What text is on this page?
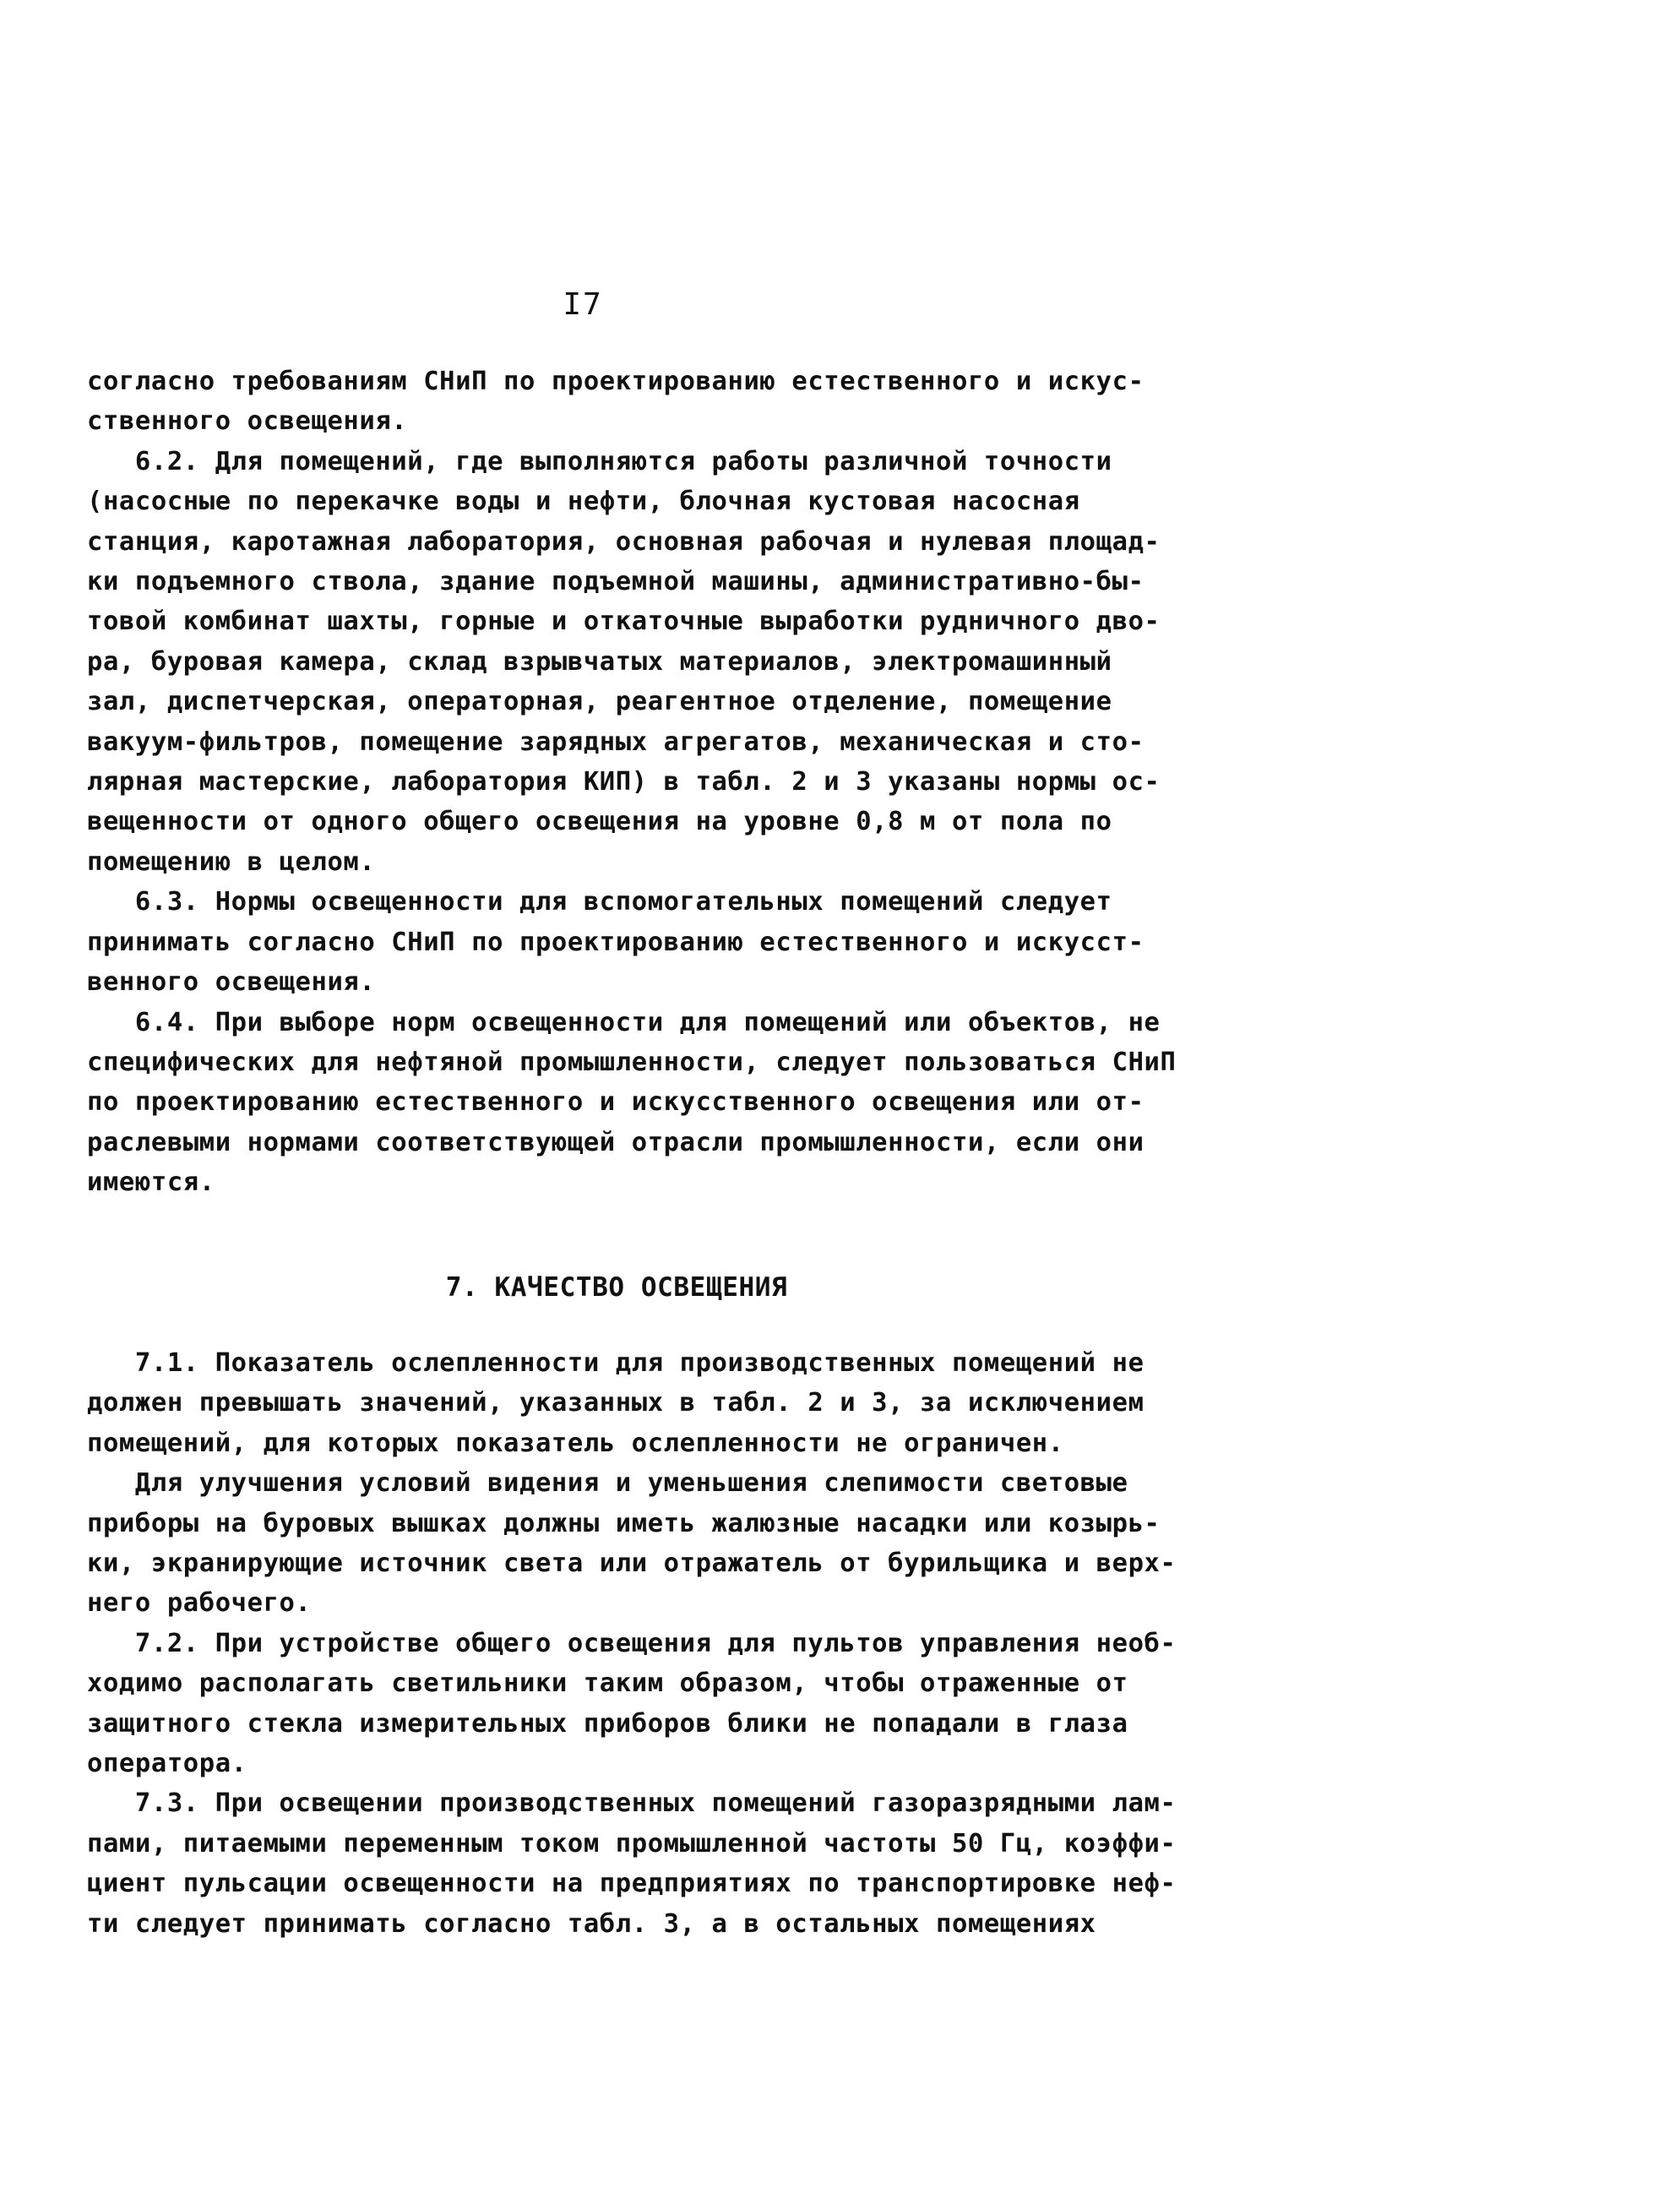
I7
согласно требованиям СНиП по проектированию естественного и искус-
ственного освещения.
6.2. Для помещений, где выполняются работы различной точности
(насосные по перекачке воды и нефти, блочная кустовая насосная
станция, каротажная лаборатория, основная рабочая и нулевая площад-
ки подъемного ствола, здание подъемной машины, административно-бы-
товой комбинат шахты, горные и откаточные выработки рудничного дво-
ра, буровая камера, склад взрывчатых материалов, электромашинный
зал, диспетчерская, операторная, реагентное отделение, помещение
вакуум-фильтров, помещение зарядных агрегатов, механическая и сто-
лярная мастерские, лаборатория КИП) в табл. 2 и 3 указаны нормы ос-
вещенности от одного общего освещения на уровне 0,8 м от пола по
помещению в целом.
6.3. Нормы освещенности для вспомогательных помещений следует
принимать согласно СНиП по проектированию естественного и искусст-
венного освещения.
6.4. При выборе норм освещенности для помещений или объектов, не
специфических для нефтяной промышленности, следует пользоваться СНиП
по проектированию естественного и искусственного освещения или от-
раслевыми нормами соответствующей отрасли промышленности, если они
имеются.
7. КАЧЕСТВО ОСВЕЩЕНИЯ
7.1. Показатель ослепленности для производственных помещений не
должен превышать значений, указанных в табл. 2 и 3, за исключением
помещений, для которых показатель ослепленности не ограничен.
Для улучшения условий видения и уменьшения слепимости световые
приборы на буровых вышках должны иметь жалюзные насадки или козырь-
ки, экранирующие источник света или отражатель от бурильщика и верх-
него рабочего.
7.2. При устройстве общего освещения для пультов управления необ-
ходимо располагать светильники таким образом, чтобы отраженные от
защитного стекла измерительных приборов блики не попадали в глаза
оператора.
7.3. При освещении производственных помещений газоразрядными лам-
пами, питаемыми переменным током промышленной частоты 50 Гц, коэффи-
циент пульсации освещенности на предприятиях по транспортировке неф-
ти следует принимать согласно табл. 3, а в остальных помещениях
